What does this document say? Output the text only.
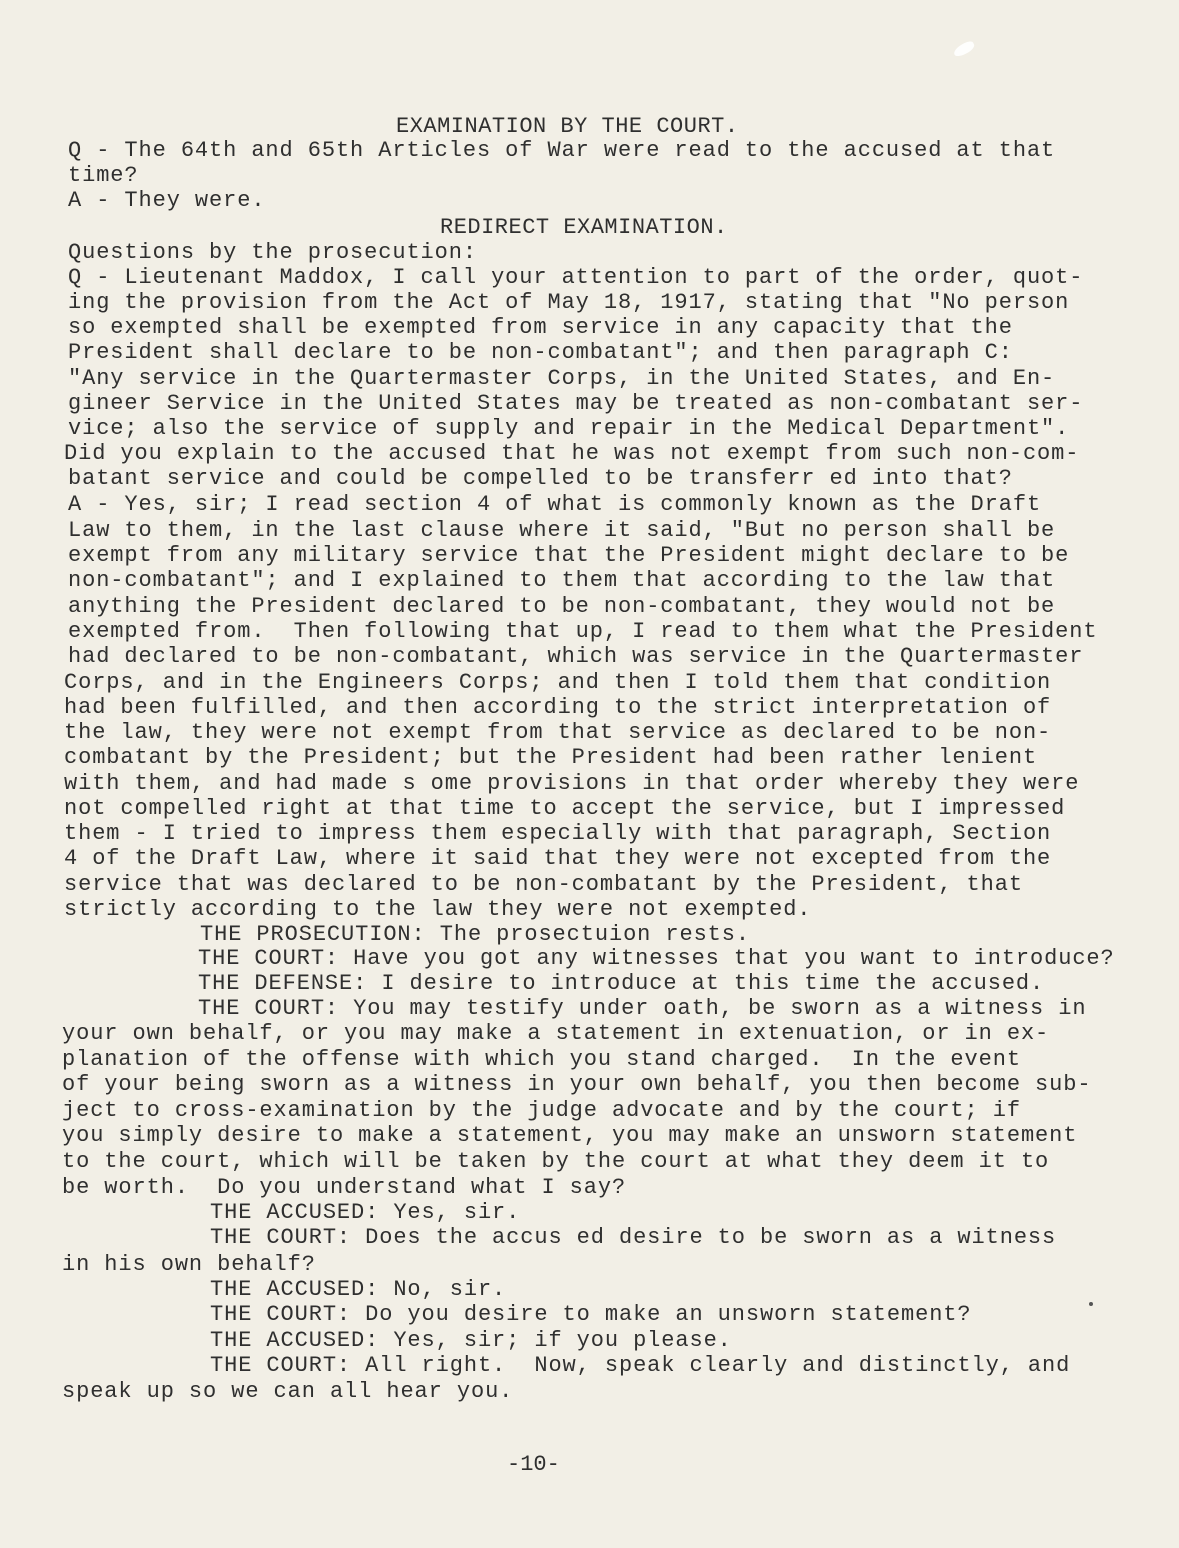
EXAMINATION BY THE COURT.
Q - The 64th and 65th Articles of War were read to the accused at that
time?
A - They were.
REDIRECT EXAMINATION.
Questions by the prosecution:
Q - Lieutenant Maddox, I call your attention to part of the order, quot-
ing the provision from the Act of May 18, 1917, stating that "No person
so exempted shall be exempted from service in any capacity that the
President shall declare to be non-combatant"; and then paragraph C:
"Any service in the Quartermaster Corps, in the United States, and En-
gineer Service in the United States may be treated as non-combatant ser-
vice; also the service of supply and repair in the Medical Department".
Did you explain to the accused that he was not exempt from such non-com-
batant service and could be compelled to be transferr ed into that?
A - Yes, sir; I read section 4 of what is commonly known as the Draft
Law to them, in the last clause where it said, "But no person shall be
exempt from any military service that the President might declare to be
non-combatant"; and I explained to them that according to the law that
anything the President declared to be non-combatant, they would not be
exempted from.  Then following that up, I read to them what the President
had declared to be non-combatant, which was service in the Quartermaster
Corps, and in the Engineers Corps; and then I told them that condition
had been fulfilled, and then according to the strict interpretation of
the law, they were not exempt from that service as declared to be non-
combatant by the President; but the President had been rather lenient
with them, and had made s ome provisions in that order whereby they were
not compelled right at that time to accept the service, but I impressed
them - I tried to impress them especially with that paragraph, Section
4 of the Draft Law, where it said that they were not excepted from the
service that was declared to be non-combatant by the President, that
strictly according to the law they were not exempted.
THE PROSECUTION: The prosectuion rests.
THE COURT: Have you got any witnesses that you want to introduce?
THE DEFENSE: I desire to introduce at this time the accused.
THE COURT: You may testify under oath, be sworn as a witness in
your own behalf, or you may make a statement in extenuation, or in ex-
planation of the offense with which you stand charged.  In the event
of your being sworn as a witness in your own behalf, you then become sub-
ject to cross-examination by the judge advocate and by the court; if
you simply desire to make a statement, you may make an unsworn statement
to the court, which will be taken by the court at what they deem it to
be worth.  Do you understand what I say?
THE ACCUSED: Yes, sir.
THE COURT: Does the accus ed desire to be sworn as a witness
in his own behalf?
THE ACCUSED: No, sir.
THE COURT: Do you desire to make an unsworn statement?
THE ACCUSED: Yes, sir; if you please.
THE COURT: All right.  Now, speak clearly and distinctly, and
speak up so we can all hear you.
-10-
